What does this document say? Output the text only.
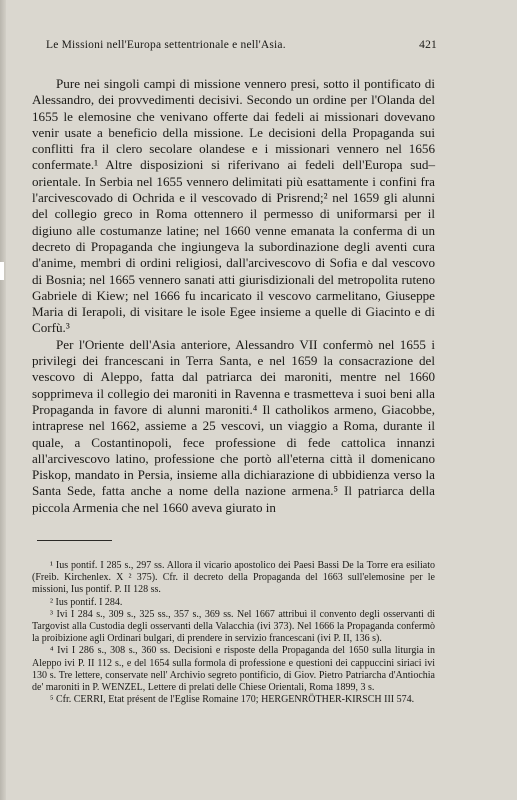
Le Missioni nell'Europa settentrionale e nell'Asia.	421

Pure nei singoli campi di missione vennero presi, sotto il pontificato di Alessandro, dei provvedimenti decisivi. Secondo un ordine per l'Olanda del 1655 le elemosine che venivano offerte dai fedeli ai missionari dovevano venir usate a beneficio della missione. Le decisioni della Propaganda sui conflitti fra il clero secolare olandese e i missionari vennero nel 1656 confermate.¹ Altre disposizioni si riferivano ai fedeli dell'Europa sud–orientale. In Serbia nel 1655 vennero delimitati più esattamente i confini fra l'arcivescovado di Ochrida e il vescovado di Prisrend;² nel 1659 gli alunni del collegio greco in Roma ottennero il permesso di uniformarsi per il digiuno alle costumanze latine; nel 1660 venne emanata la conferma di un decreto di Propaganda che ingiungeva la subordinazione degli aventi cura d'anime, membri di ordini religiosi, dall'arcivescovo di Sofia e dal vescovo di Bosnia; nel 1665 vennero sanati atti giurisdizionali del metropolita ruteno Gabriele di Kiew; nel 1666 fu incaricato il vescovo carmelitano, Giuseppe Maria di Ierapoli, di visitare le isole Egee insieme a quelle di Giacinto e di Corfù.³

Per l'Oriente dell'Asia anteriore, Alessandro VII confermò nel 1655 i privilegi dei francescani in Terra Santa, e nel 1659 la consacrazione del vescovo di Aleppo, fatta dal patriarca dei maroniti, mentre nel 1660 sopprimeva il collegio dei maroniti in Ravenna e trasmetteva i suoi beni alla Propaganda in favore di alunni maroniti.⁴ Il catholikos armeno, Giacobbe, intraprese nel 1662, assieme a 25 vescovi, un viaggio a Roma, durante il quale, a Costantinopoli, fece professione di fede cattolica innanzi all'arcivescovo latino, professione che portò all'eterna città il domenicano Piskop, mandato in Persia, insieme alla dichiarazione di ubbidienza verso la Santa Sede, fatta anche a nome della nazione armena.⁵ Il patriarca della piccola Armenia che nel 1660 aveva giurato in

¹ Ius pontif. I 285 s., 297 ss. Allora il vicario apostolico dei Paesi Bassi De la Torre era esiliato (Freib. Kirchenlex. X ² 375). Cfr. il decreto della Propaganda del 1663 sull'elemosine per le missioni, Ius pontif. P. II 128 ss.

² Ius pontif. I 284.

³ Ivi I 284 s., 309 s., 325 ss., 357 s., 369 ss. Nel 1667 attribuì il convento degli osservanti di Targovist alla Custodia degli osservanti della Valacchia (ivi 373). Nel 1666 la Propaganda confermò la proibizione agli Ordinari bulgari, di prendere in servizio francescani (ivi P. II, 136 s).

⁴ Ivi I 286 s., 308 s., 360 ss. Decisioni e risposte della Propaganda del 1650 sulla liturgia in Aleppo ivi P. II 112 s., e del 1654 sulla formola di professione e questioni dei cappuccini siriaci ivi 130 s. Tre lettere, conservate nell' Archivio segreto pontificio, di Giov. Pietro Patriarcha d'Antiochia de' maroniti in P. WENZEL, Lettere di prelati delle Chiese Orientali, Roma 1899, 3 s.

⁵ Cfr. CERRI, Etat présent de l'Eglise Romaine 170; HERGENRÖTHER-KIRSCH III 574.
